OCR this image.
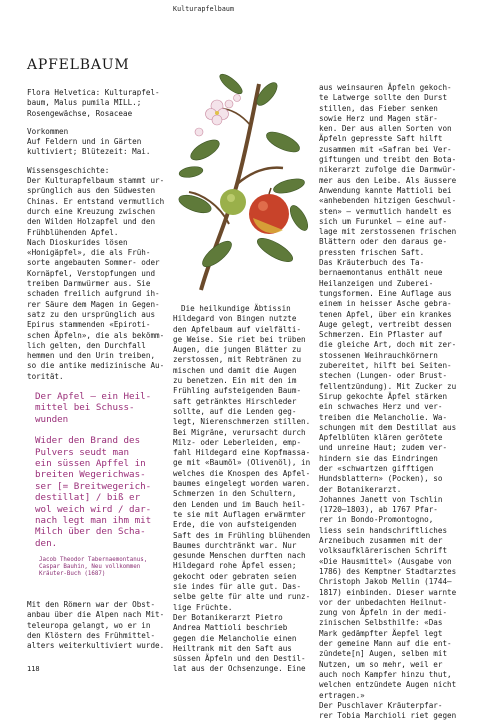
Kulturapfelbaum
APFELBAUM

Flora Helvetica: Kulturapfel-

baum, Malus pumila MILL.;

Rosengewächse, Rosaceae

Vorkommen

Auf Feldern und in Gärten

kultiviert; Blütezeit: Mai.

Wissensgeschichte:

Der Kulturapfelbaum stammt ur-

sprünglich aus den Südwesten

Chinas. Er entstand vermutlich

durch eine Kreuzung zwischen

den Wilden Holzapfel und den

Frühblühenden Apfel.

Nach Dioskurides lösen

«Honigäpfel», die als Früh-

sorte angebauten Sommer- oder

Kornäpfel, Verstopfungen und

treiben Darmwürmer aus. Sie

schaden freilich aufgrund ih-

rer Säure dem Magen in Gegen-

satz zu den ursprünglich aus

Epirus stammenden «Epiroti-

schen Äpfeln», die als bekömm-

lich gelten, den Durchfall

hemmen und den Urin treiben,

so die antike medizinische Au-

torität.

Der Apfel – ein Heil-

mittel bei Schuss-

wunden

Wider den Brand des

Pulvers seudt man

ein süssen Apffel in

breiten Wegerichwas-

ser [= Breitwegerich-

destillat] / biß er

wol weich wird / dar-

nach legt man ihm mit

Milch über den Scha-

den.

Jacob Theodor Tabernaemontanus,
Caspar Bauhin, Neu vollkommen
Kräuter-Buch (1687)

Mit den Römern war der Obst-

anbau über die Alpen nach Mit-

teleuropa gelangt, wo er in

den Klöstern des Frühmittel-

alters weiterkultiviert wurde.

Die heilkundige Äbtissin

Hildegard von Bingen nutzte

den Apfelbaum auf vielfälti-

ge Weise. Sie riet bei trüben

Augen, die jungen Blätter zu

zerstossen, mit Rebtränen zu

mischen und damit die Augen

zu benetzen. Ein mit den im

Frühling aufsteigenden Baum-

saft getränktes Hirschleder

sollte, auf die Lenden geg-

legt, Nierenschmerzen stillen.

Bei Migräne, verursacht durch

Milz- oder Leberleiden, emp-

fahl Hildegard eine Kopfmassa-

ge mit «Baumöl» (Olivenöl), in

welches die Knospen des Apfel-

baumes eingelegt worden waren.

Schmerzen in den Schultern,

den Lenden und im Bauch heil-

te sie mit Auflagen erwärmter

Erde, die von aufsteigenden

Saft des im Frühling blühenden

Baumes durchtränkt war. Nur

gesunde Menschen durften nach

Hildegard rohe Äpfel essen;

gekocht oder gebraten seien

sie indes für alle gut. Das-

selbe gelte für alte und runz-

lige Früchte.

Der Botanikerarzt Pietro

Andrea Mattioli beschrieb

gegen die Melancholie einen

Heiltrank mit den Saft aus

süssen Äpfeln und den Destil-

lat aus der Ochsenzunge. Eine

aus weinsauren Äpfeln gekoch-

te Latwerge sollte den Durst

stillen, das Fieber senken

sowie Herz und Magen stär-

ken. Der aus allen Sorten von

Äpfeln gepresste Saft hilft

zusammen mit «Safran bei Ver-

giftungen und treibt den Bota-

nikerarzt zufolge die Darmwür-

mer aus den Leibe. Als äussere

Anwendung kannte Mattioli bei

«anhebenden hitzigen Geschwul-

sten» – vermutlich handelt es

sich um Furunkel – eine auf-

lage mit zerstossenen frischen

Blättern oder den daraus ge-

pressten frischen Saft.

Das Kräuterbuch des Ta-

bernaemontanus enthält neue

Heilanzeigen und Zuberei-

tungsformen. Eine Auflage aus

einem in heisser Asche gebra-

tenen Apfel, über ein krankes

Auge gelegt, vertreibt dessen

Schmerzen. Ein Pflaster auf

die gleiche Art, doch mit zer-

stossenen Weihrauchkörnern

zubereitet, hilft bei Seiten-

stechen (Lungen- oder Brust-

fellentzündung). Mit Zucker zu

Sirup gekochte Äpfel stärken

ein schwaches Herz und ver-

treiben die Melancholie. Wa-

schungen mit dem Destillat aus

Apfelblüten klären gerötete

und unreine Haut; zudem ver-

hindern sie das Eindringen

der «schwartzen gifftigen

Hundsblattern» (Pocken), so

der Botanikerarzt.

Johannes Janett von Tschlin

(1720–1803), ab 1767 Pfar-

rer in Bondo-Promontogno,

liess sein handschriftliches

Arzneibuch zusammen mit der

volksaufklärerischen Schrift

«Die Hausmittel» (Ausgabe von

1786) des Kemptner Stadtarztes

Christoph Jakob Mellin (1744–

1817) einbinden. Dieser warnte

vor der unbedachten Heilnut-

zung von Äpfeln in der medi-

zinischen Selbsthilfe: «Das

Mark gedämpfter Äepfel legt

der gemeine Mann auf die ent-

zündete[n] Augen, selben mit

Nutzen, um so mehr, weil er

auch noch Kampfer hinzu thut,

welchen entzündete Augen nicht

ertragen.»

Der Puschlaver Kräuterpfar-

rer Tobia Marchioli riet gegen

118
